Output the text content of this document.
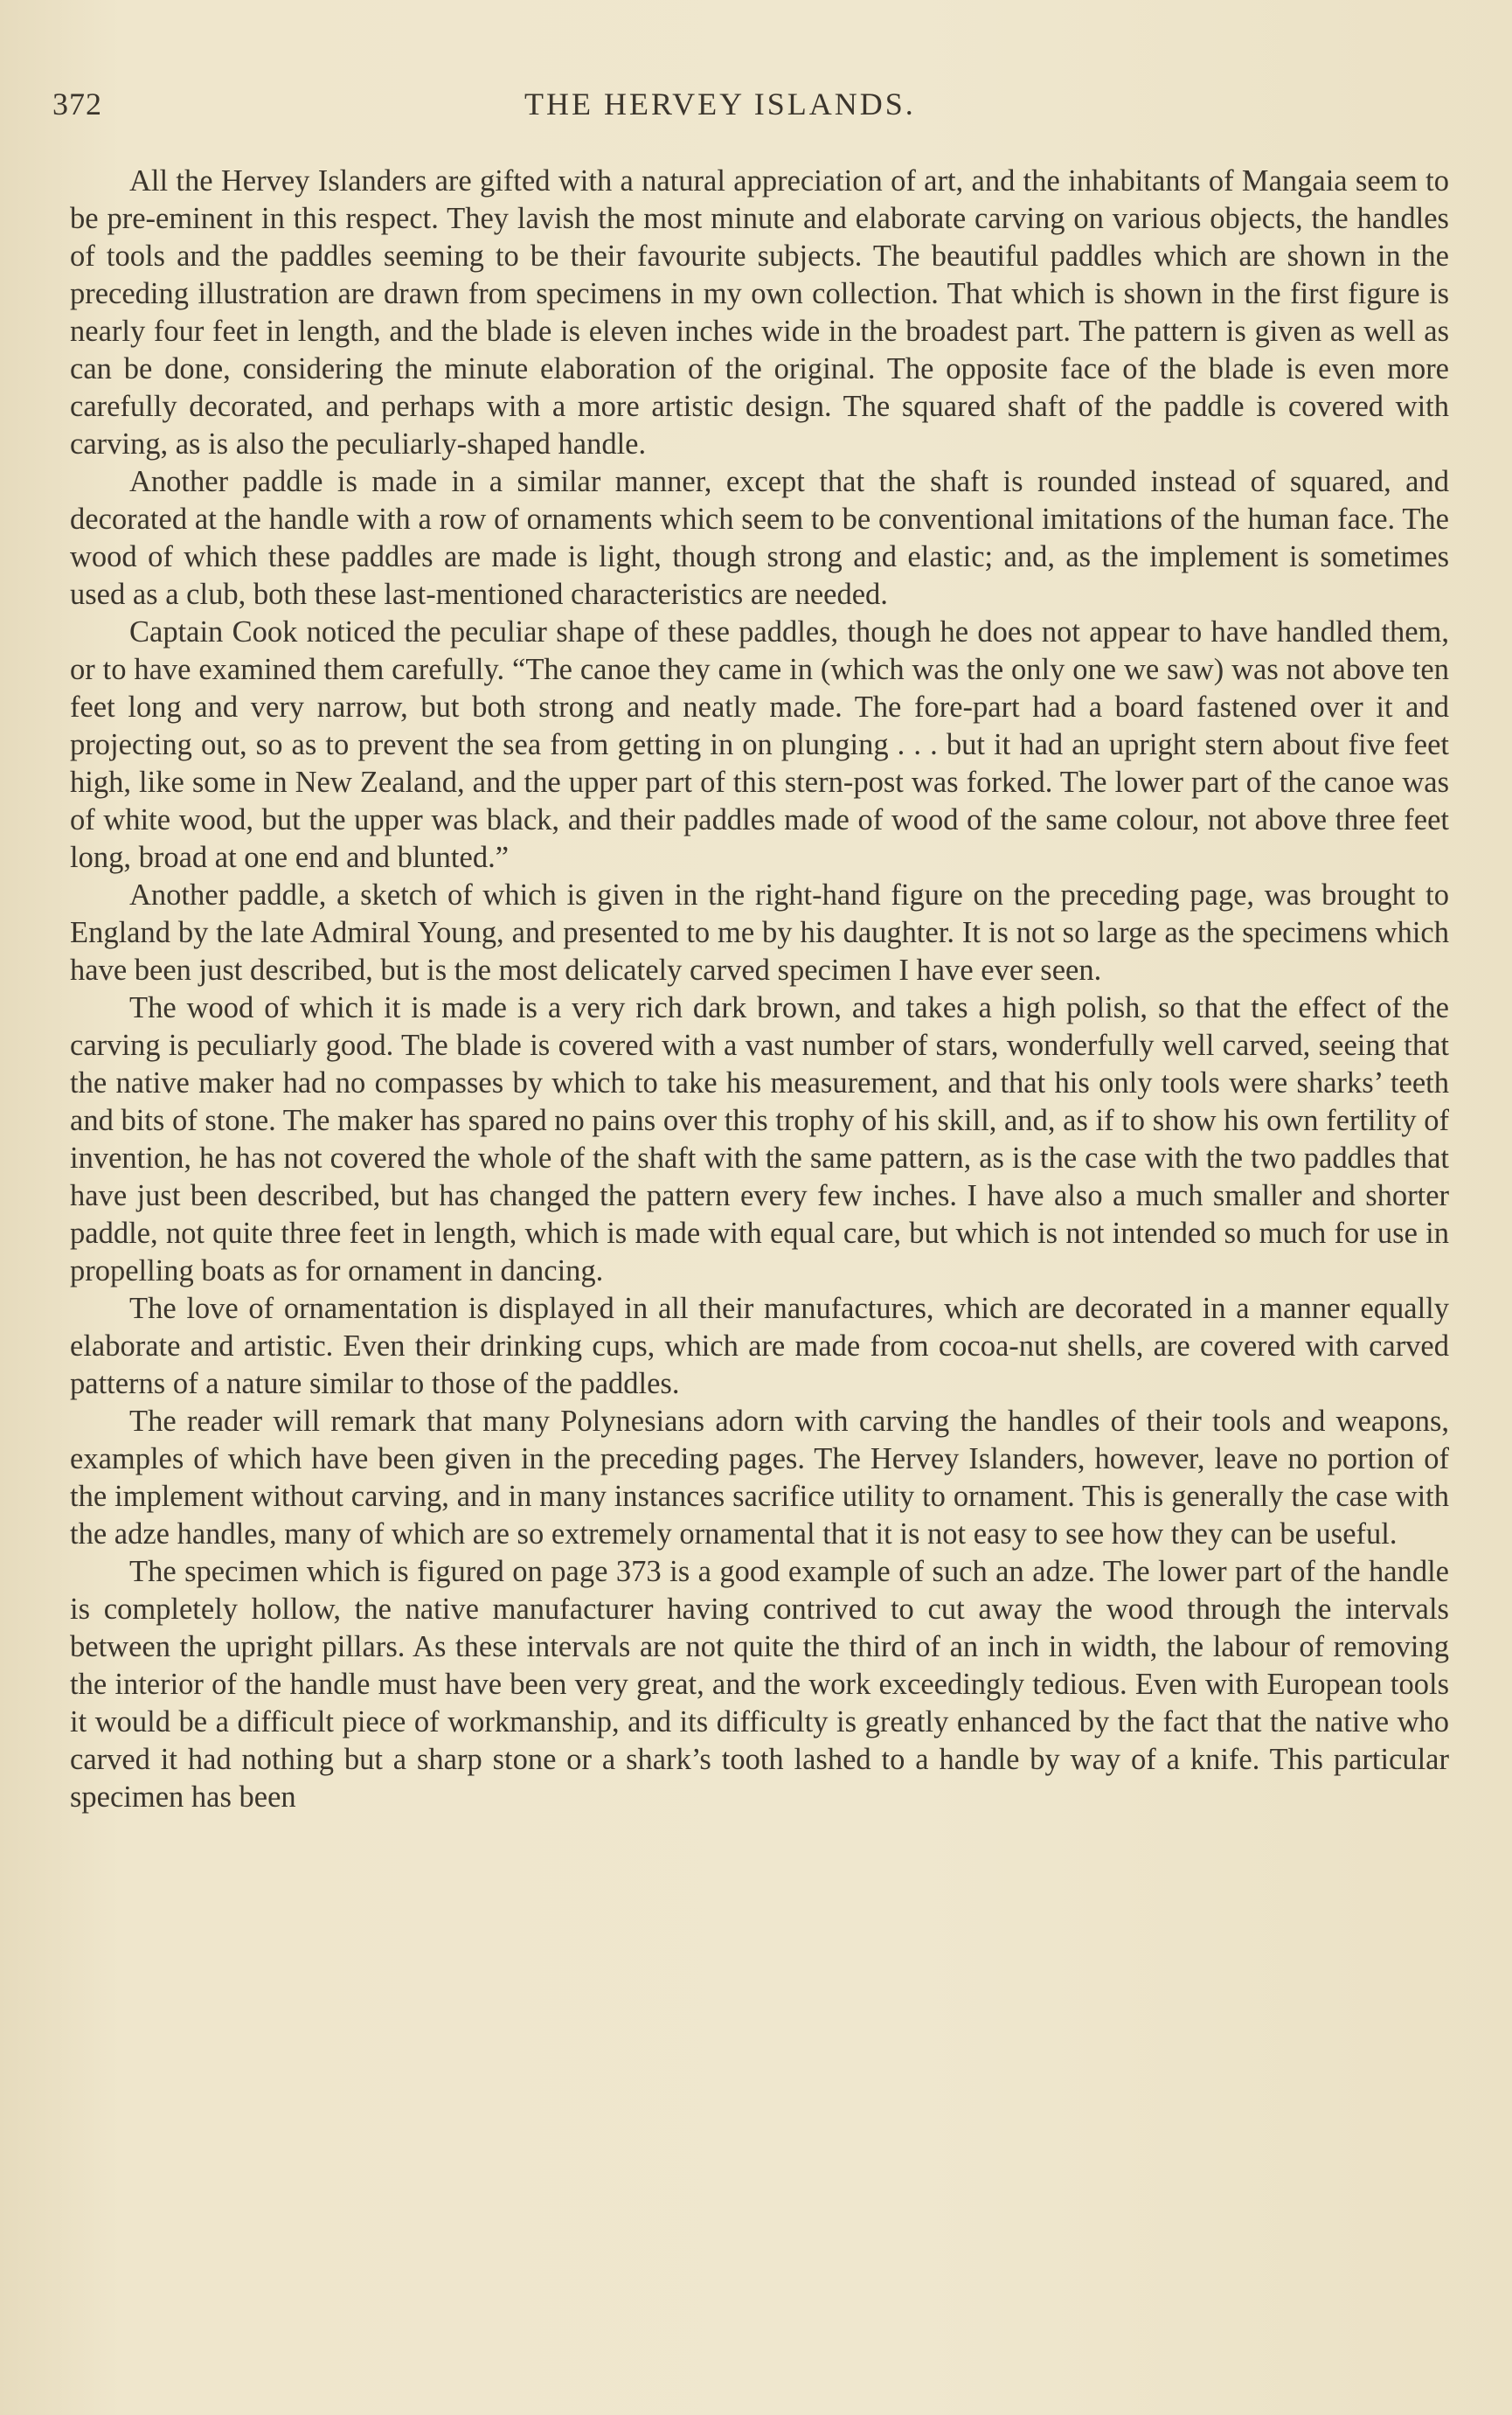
372	THE HERVEY ISLANDS.

All the Hervey Islanders are gifted with a natural appreciation of art, and the inhabitants of Mangaia seem to be pre-eminent in this respect. They lavish the most minute and elaborate carving on various objects, the handles of tools and the paddles seeming to be their favourite subjects. The beautiful paddles which are shown in the preceding illustration are drawn from specimens in my own collection. That which is shown in the first figure is nearly four feet in length, and the blade is eleven inches wide in the broadest part. The pattern is given as well as can be done, considering the minute elaboration of the original. The opposite face of the blade is even more carefully decorated, and perhaps with a more artistic design. The squared shaft of the paddle is covered with carving, as is also the peculiarly-shaped handle.

Another paddle is made in a similar manner, except that the shaft is rounded instead of squared, and decorated at the handle with a row of ornaments which seem to be conventional imitations of the human face. The wood of which these paddles are made is light, though strong and elastic; and, as the implement is sometimes used as a club, both these last-mentioned characteristics are needed.

Captain Cook noticed the peculiar shape of these paddles, though he does not appear to have handled them, or to have examined them carefully. “The canoe they came in (which was the only one we saw) was not above ten feet long and very narrow, but both strong and neatly made. The fore-part had a board fastened over it and projecting out, so as to prevent the sea from getting in on plunging . . . but it had an upright stern about five feet high, like some in New Zealand, and the upper part of this stern-post was forked. The lower part of the canoe was of white wood, but the upper was black, and their paddles made of wood of the same colour, not above three feet long, broad at one end and blunted.”

Another paddle, a sketch of which is given in the right-hand figure on the preceding page, was brought to England by the late Admiral Young, and presented to me by his daughter. It is not so large as the specimens which have been just described, but is the most delicately carved specimen I have ever seen.

The wood of which it is made is a very rich dark brown, and takes a high polish, so that the effect of the carving is peculiarly good. The blade is covered with a vast number of stars, wonderfully well carved, seeing that the native maker had no compasses by which to take his measurement, and that his only tools were sharks’ teeth and bits of stone. The maker has spared no pains over this trophy of his skill, and, as if to show his own fertility of invention, he has not covered the whole of the shaft with the same pattern, as is the case with the two paddles that have just been described, but has changed the pattern every few inches. I have also a much smaller and shorter paddle, not quite three feet in length, which is made with equal care, but which is not intended so much for use in propelling boats as for ornament in dancing.

The love of ornamentation is displayed in all their manufactures, which are decorated in a manner equally elaborate and artistic. Even their drinking cups, which are made from cocoa-nut shells, are covered with carved patterns of a nature similar to those of the paddles.

The reader will remark that many Polynesians adorn with carving the handles of their tools and weapons, examples of which have been given in the preceding pages. The Hervey Islanders, however, leave no portion of the implement without carving, and in many instances sacrifice utility to ornament. This is generally the case with the adze handles, many of which are so extremely ornamental that it is not easy to see how they can be useful.

The specimen which is figured on page 373 is a good example of such an adze. The lower part of the handle is completely hollow, the native manufacturer having contrived to cut away the wood through the intervals between the upright pillars. As these intervals are not quite the third of an inch in width, the labour of removing the interior of the handle must have been very great, and the work exceedingly tedious. Even with European tools it would be a difficult piece of workmanship, and its difficulty is greatly enhanced by the fact that the native who carved it had nothing but a sharp stone or a shark’s tooth lashed to a handle by way of a knife. This particular specimen has been
